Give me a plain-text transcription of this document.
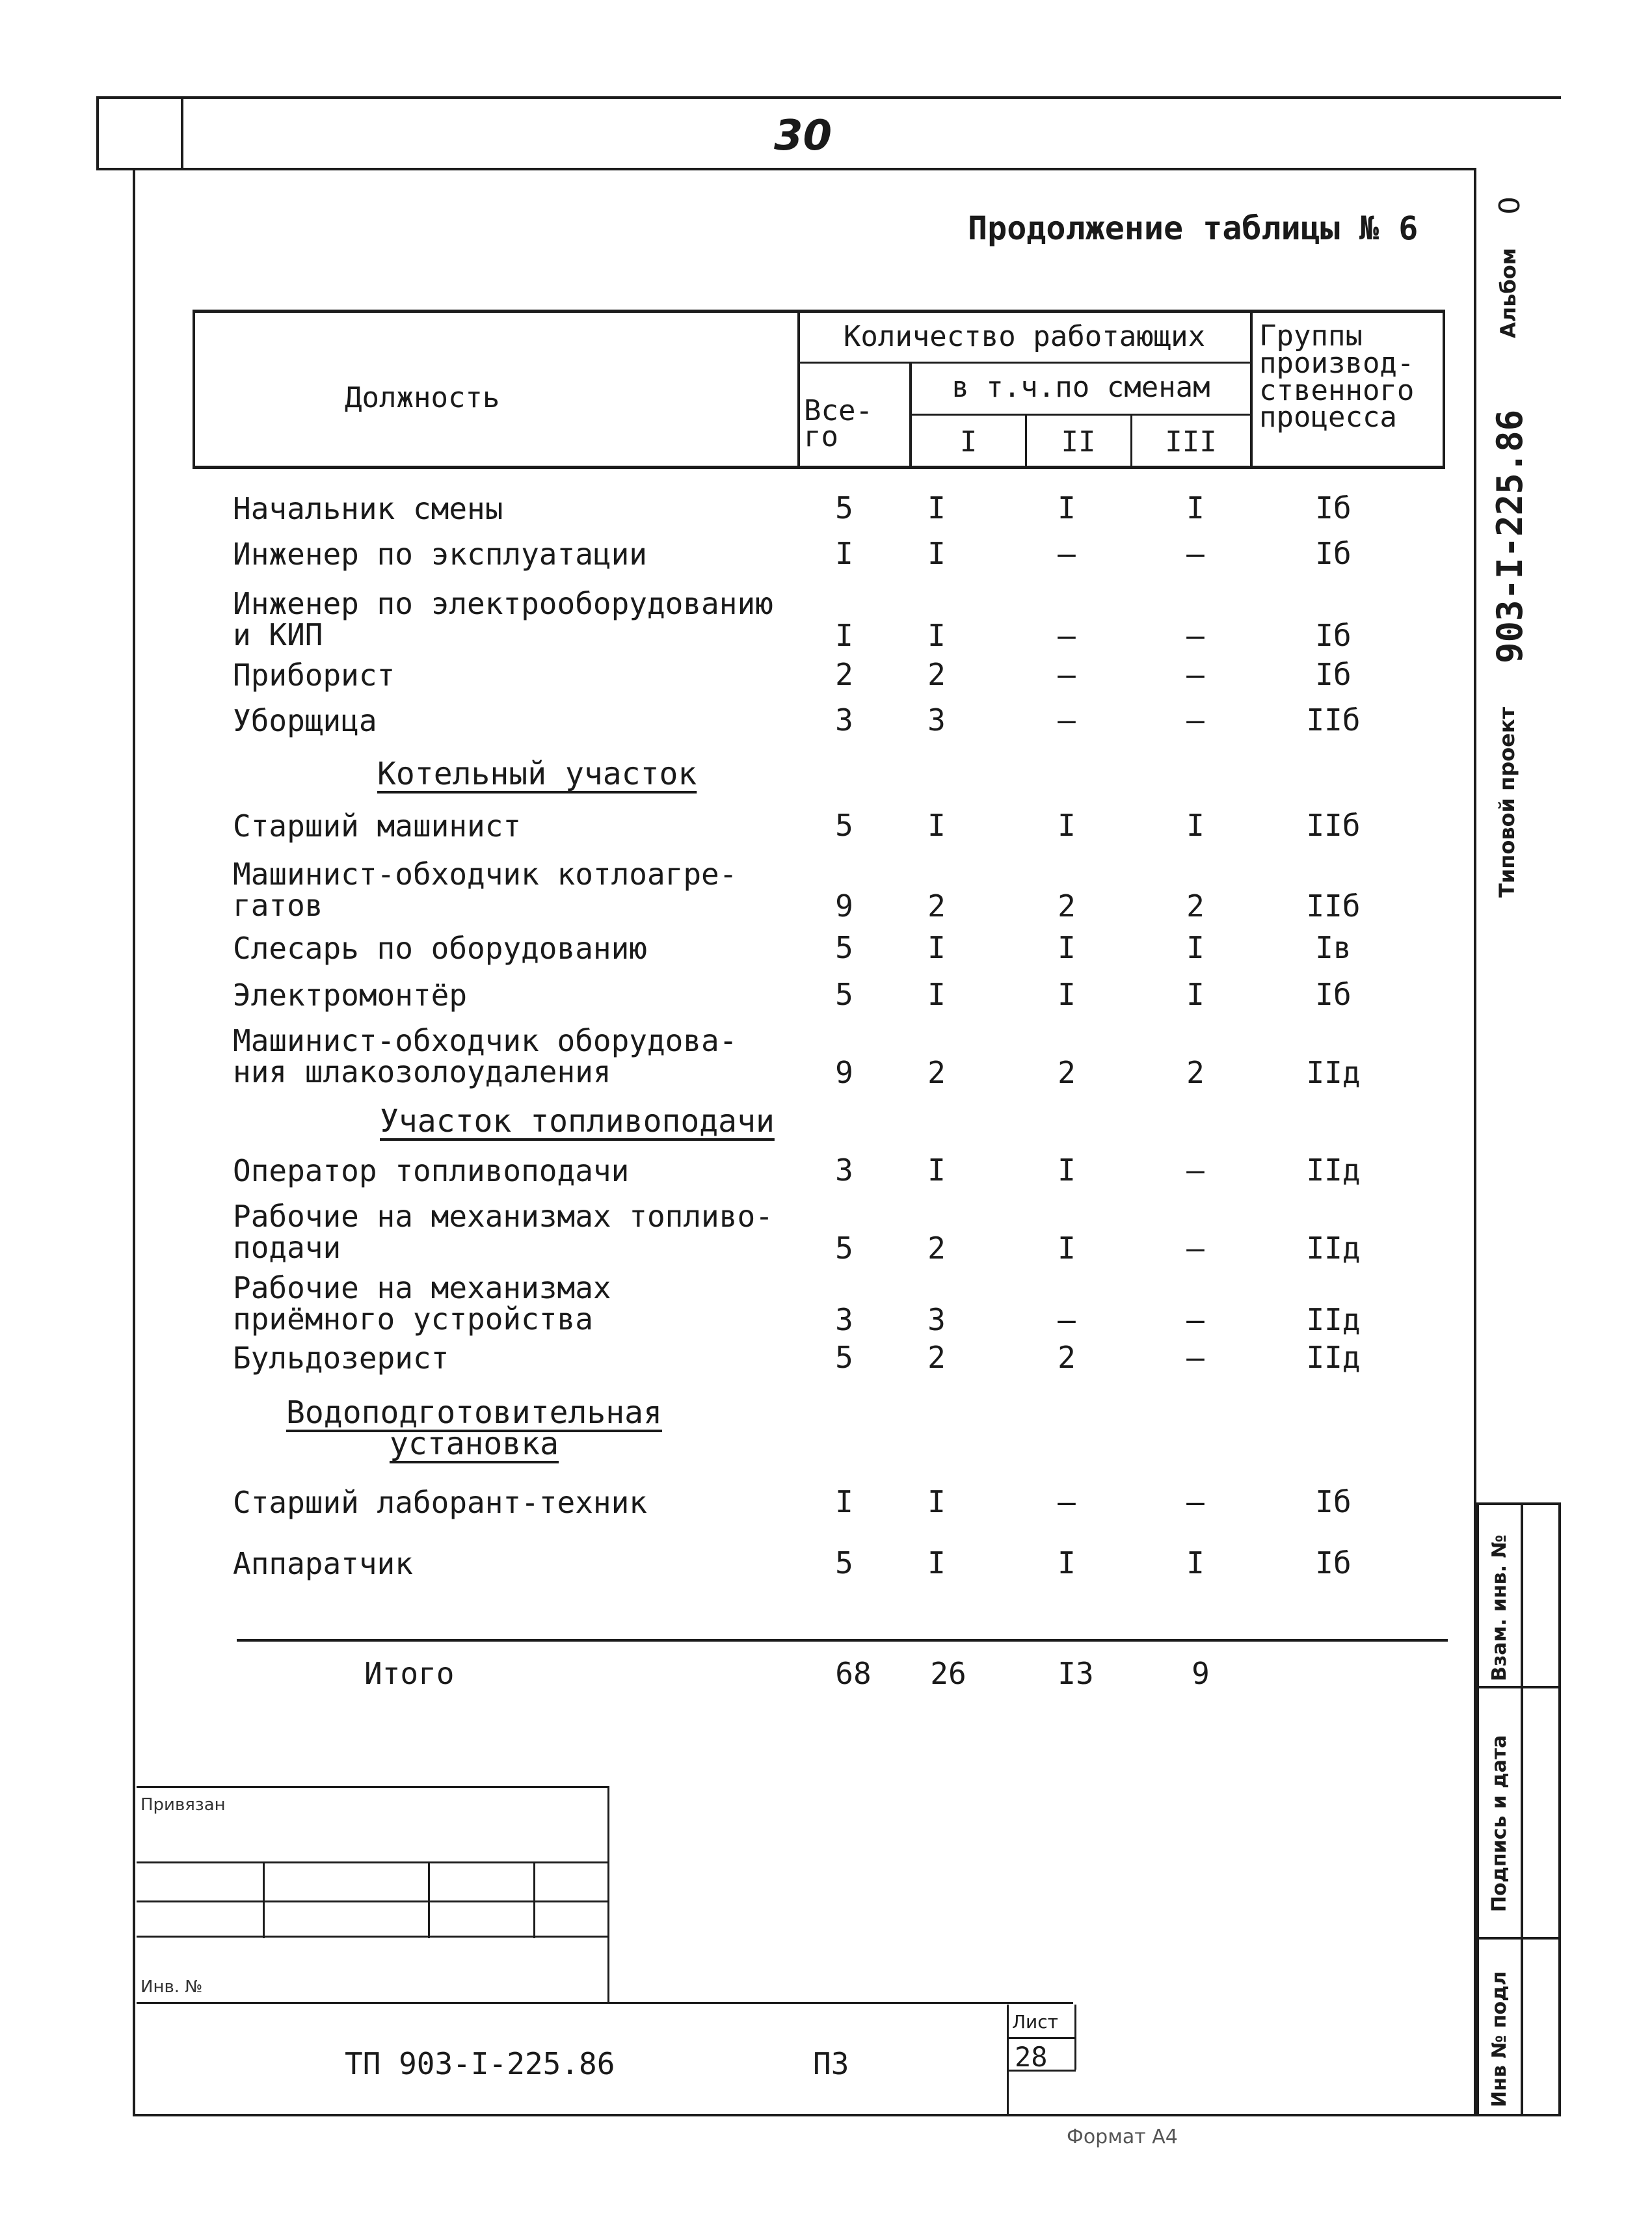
30
Продолжение таблицы № 6
Должность
Количество работающих
Все-
го
в т.ч.по сменам
I	II	III
Группы
производ-
ственного
процесса
Начальник смены	5 I	I	I	Iб
Инженер по эксплуатации	I I	–	–	Iб
Инженер по электрооборудованию
и КИП	I I	–	–	Iб
Приборист	2 2	–	–	Iб
Уборщица	3 3	–	–	IIб
Котельный участок
Старший машинист	5 I	I	I	IIб
Машинист-обходчик котлоагре-
гатов	9 2	2	2	IIб
Слесарь по оборудованию	5 I	I	I	Iв
Электромонтёр	5 I	I	I	Iб
Машинист-обходчик оборудова-
ния шлакозолоудаления	9 2	2	2	IIд
Участок топливоподачи
Оператор топливоподачи	3 I	I	–	IIд
Рабочие на механизмах топливо-
подачи	5 2	I	–	IIд
Рабочие на механизмах
приёмного устройства	3 3	–	–	IIд
Бульдозерист	5 2	2	–	IIд
Водоподготовительная
установка
Старший лаборант-техник	I I	–	–	Iб
Аппаратчик	5 I	I	I	Iб
Итого	68 26	I3	9
Альбом
0
903-I-225.86
Типовой проект
Взам. инв. №
Подпись и дата
Инв № подл
Привязан
Инв. №
ТП 903-I-225.86	ПЗ
Лист
28
Формат А4
